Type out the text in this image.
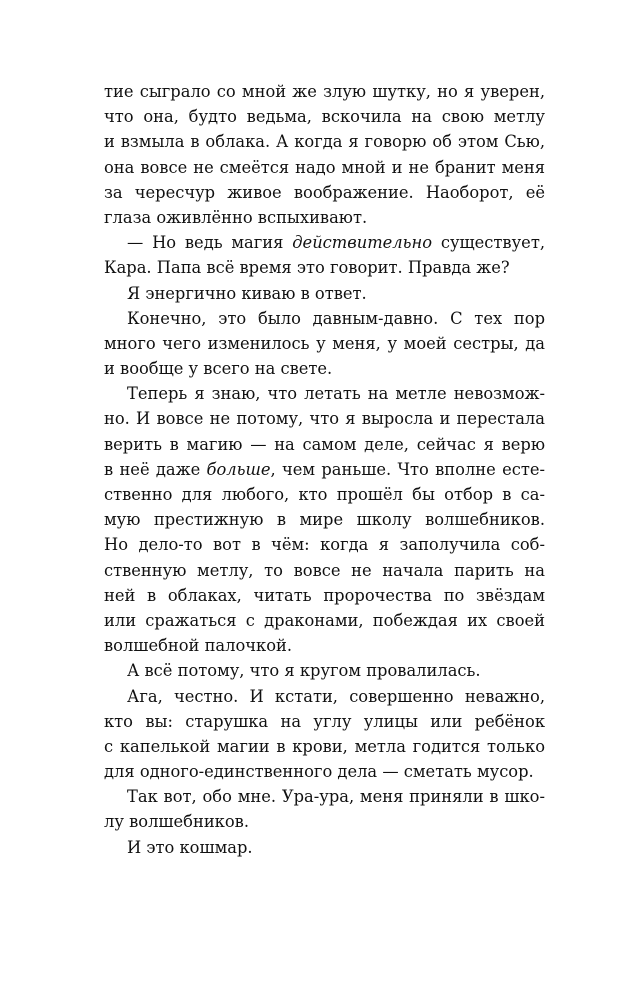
тие сыграло со мной же злую шутку, но я уверен,
что она, будто ведьма, вскочила на свою метлу
и взмыла в облака. А когда я говорю об этом Сью,
она вовсе не смеётся надо мной и не бранит меня
за чересчур живое воображение. Наоборот, её
глаза оживлённо вспыхивают.
— Но ведь магия действительно существует,
Кара. Папа всё время это говорит. Правда же?
Я энергично киваю в ответ.
Конечно, это было давным-давно. С тех пор
много чего изменилось у меня, у моей сестры, да
и вообще у всего на свете.
Теперь я знаю, что летать на метле невозмож-
но. И вовсе не потому, что я выросла и перестала
верить в магию — на самом деле, сейчас я верю
в неё даже больше, чем раньше. Что вполне есте-
ственно для любого, кто прошёл бы отбор в са-
мую престижную в мире школу волшебников.
Но дело-то вот в чём: когда я заполучила соб-
ственную метлу, то вовсе не начала парить на
ней в облаках, читать пророчества по звёздам
или сражаться с драконами, побеждая их своей
волшебной палочкой.
А всё потому, что я кругом провалилась.
Ага, честно. И кстати, совершенно неважно,
кто вы: старушка на углу улицы или ребёнок
с капелькой магии в крови, метла годится только
для одного-единственного дела — сметать мусор.
Так вот, обо мне. Ура-ура, меня приняли в шко-
лу волшебников.
И это кошмар.
